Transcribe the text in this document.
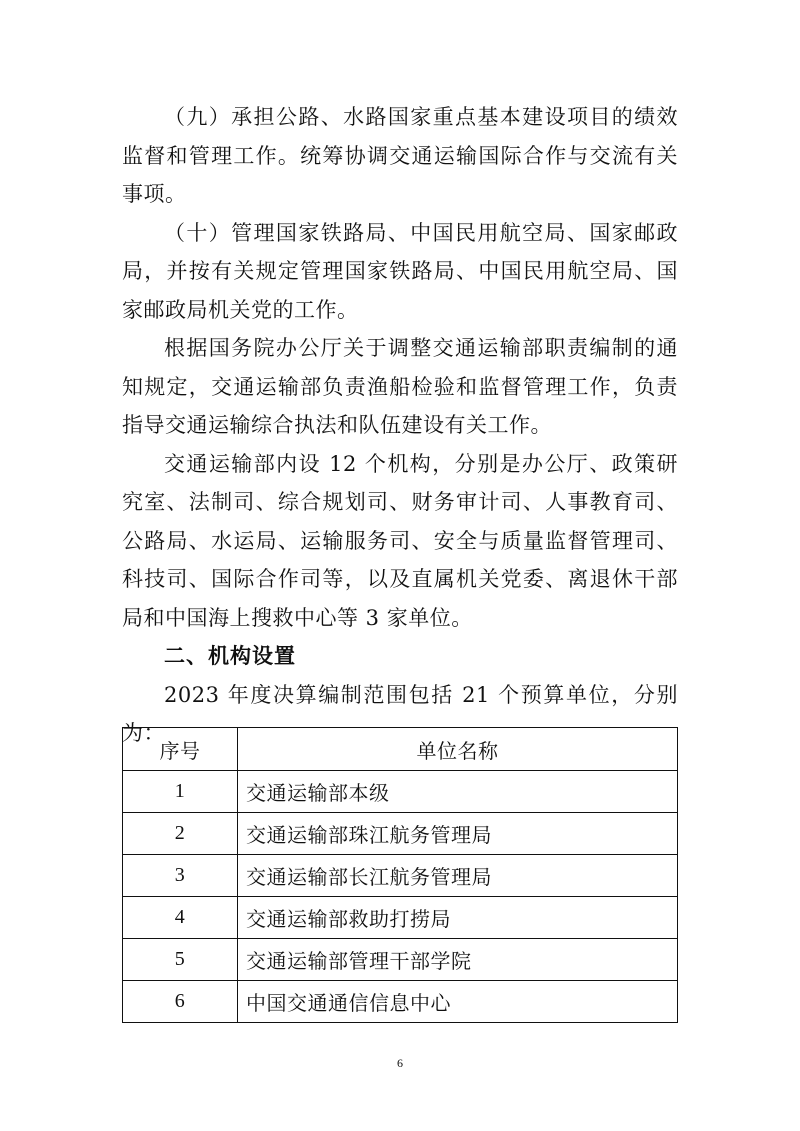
（九）承担公路、水路国家重点基本建设项目的绩效监督和管理工作。统筹协调交通运输国际合作与交流有关事项。

（十）管理国家铁路局、中国民用航空局、国家邮政局，并按有关规定管理国家铁路局、中国民用航空局、国家邮政局机关党的工作。

根据国务院办公厅关于调整交通运输部职责编制的通知规定，交通运输部负责渔船检验和监督管理工作，负责指导交通运输综合执法和队伍建设有关工作。

交通运输部内设 12 个机构，分别是办公厅、政策研究室、法制司、综合规划司、财务审计司、人事教育司、公路局、水运局、运输服务司、安全与质量监督管理司、科技司、国际合作司等，以及直属机关党委、离退休干部局和中国海上搜救中心等 3 家单位。

二、机构设置

2023 年度决算编制范围包括 21 个预算单位，分别为：

序号	单位名称
1	交通运输部本级
2	交通运输部珠江航务管理局
3	交通运输部长江航务管理局
4	交通运输部救助打捞局
5	交通运输部管理干部学院
6	中国交通通信信息中心
6
